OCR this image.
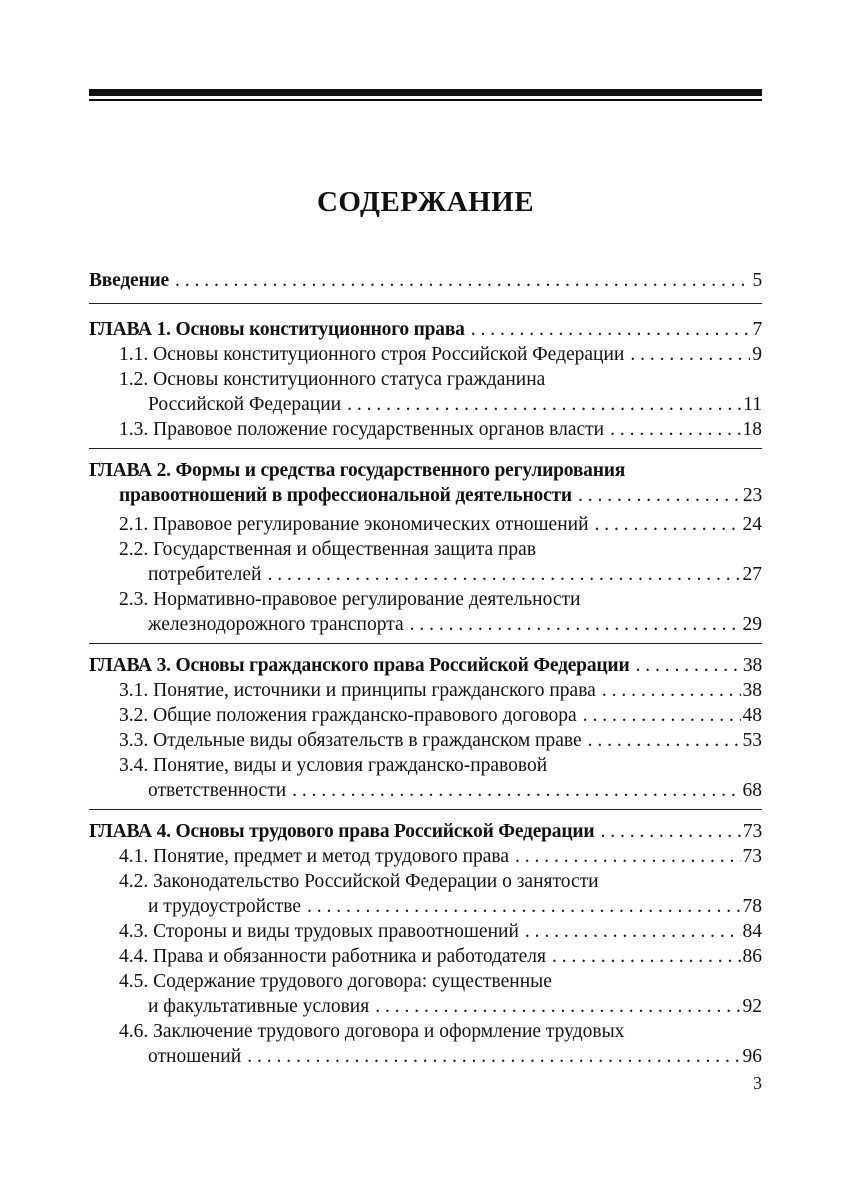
СОДЕРЖАНИЕ
Введение . . .	5
ГЛАВА 1. Основы конституционного права . . .	7
1.1. Основы конституционного строя Российской Федерации . . .	9
1.2. Основы конституционного статуса гражданина
Российской Федерации . . .	11
1.3. Правовое положение государственных органов власти . . .	18
ГЛАВА 2. Формы и средства государственного регулирования
правоотношений в профессиональной деятельности . . .	23
2.1. Правовое регулирование экономических отношений . . .	24
2.2. Государственная и общественная защита прав
потребителей . . .	27
2.3. Нормативно-правовое регулирование деятельности
железнодорожного транспорта . . .	29
ГЛАВА 3. Основы гражданского права Российской Федерации . . .	38
3.1. Понятие, источники и принципы гражданского права . . .	38
3.2. Общие положения гражданско-правового договора . . .	48
3.3. Отдельные виды обязательств в гражданском праве . . .	53
3.4. Понятие, виды и условия гражданско-правовой
ответственности . . .	68
ГЛАВА 4. Основы трудового права Российской Федерации . . .	73
4.1. Понятие, предмет и метод трудового права . . .	73
4.2. Законодательство Российской Федерации о занятости
и трудоустройстве . . .	78
4.3. Стороны и виды трудовых правоотношений . . .	84
4.4. Права и обязанности работника и работодателя . . .	86
4.5. Содержание трудового договора: существенные
и факультативные условия . . .	92
4.6. Заключение трудового договора и оформление трудовых
отношений . . .	96
3
